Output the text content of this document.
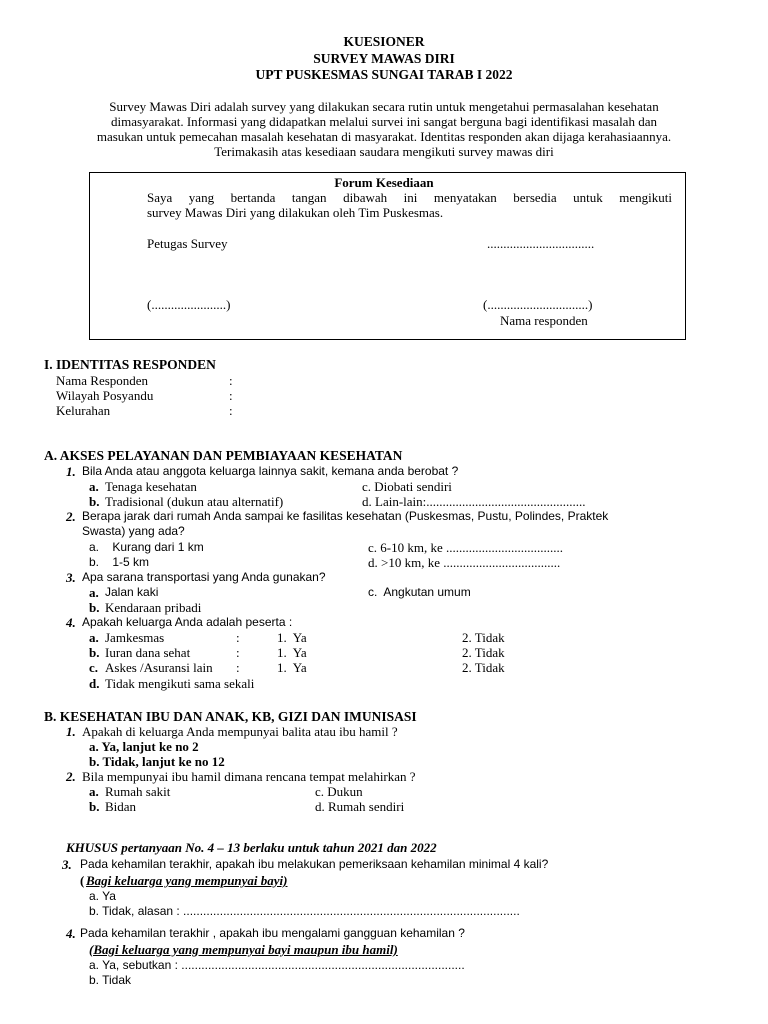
KUESIONER
SURVEY MAWAS DIRI
UPT PUSKESMAS SUNGAI TARAB I 2022

Survey Mawas Diri adalah survey yang dilakukan secara rutin untuk mengetahui permasalahan kesehatan

dimasyarakat. Informasi yang didapatkan melalui survei ini sangat berguna bagi identifikasi masalah dan

masukan untuk pemecahan masalah kesehatan di masyarakat. Identitas responden akan dijaga kerahasiaannya.

Terimakasih atas kesediaan saudara mengikuti survey mawas diri

Forum Kesediaan
Saya yang bertanda tangan dibawah ini menyatakan bersedia untuk mengikuti
survey Mawas Diri yang dilakukan oleh Tim Puskesmas.
Petugas Survey	.................................
(.......................)	(...............................)
Nama responden
I. IDENTITAS RESPONDEN
Nama Responden	:
Wilayah Posyandu	:
Kelurahan	:
A. AKSES PELAYANAN DAN PEMBIAYAAN KESEHATAN
1. Bila Anda atau anggota keluarga lainnya sakit, kemana anda berobat ?
a. Tenaga kesehatan	c. Diobati sendiri
b. Tradisional (dukun atau alternatif)	d. Lain-lain:.................................................
2. Berapa jarak dari rumah Anda sampai ke fasilitas kesehatan (Puskesmas, Pustu, Polindes, Praktek
Swasta) yang ada?
a.    Kurang dari 1 km	c. 6-10 km, ke ....................................
b.    1-5 km	d. >10 km, ke ....................................
3. Apa sarana transportasi yang Anda gunakan?
a. Jalan kaki	c.  Angkutan umum
b. Kendaraan pribadi
4. Apakah keluarga Anda adalah peserta :
a. Jamkesmas	:	1.  Ya	2. Tidak
b. Iuran dana sehat	:	1.  Ya	2. Tidak
c. Askes /Asuransi lain :	1.  Ya	2. Tidak
d. Tidak mengikuti sama sekali
B. KESEHATAN IBU DAN ANAK, KB, GIZI DAN IMUNISASI
1. Apakah di keluarga Anda mempunyai balita atau ibu hamil ?
a. Ya, lanjut ke no 2
b. Tidak, lanjut ke no 12
2. Bila mempunyai ibu hamil dimana rencana tempat melahirkan ?
a. Rumah sakit	c. Dukun
b. Bidan	d. Rumah sendiri
KHUSUS pertanyaan No. 4 – 13 berlaku untuk tahun 2021 dan 2022
3. Pada kehamilan terakhir, apakah ibu melakukan pemeriksaan kehamilan minimal 4 kali?
( Bagi keluarga yang mempunyai bayi)
a. Ya
b. Tidak, alasan : .....................................................................................................
4. Pada kehamilan terakhir , apakah ibu mengalami gangguan kehamilan ?
(Bagi keluarga yang mempunyai bayi maupun ibu hamil)
a. Ya, sebutkan : .....................................................................................
b. Tidak
